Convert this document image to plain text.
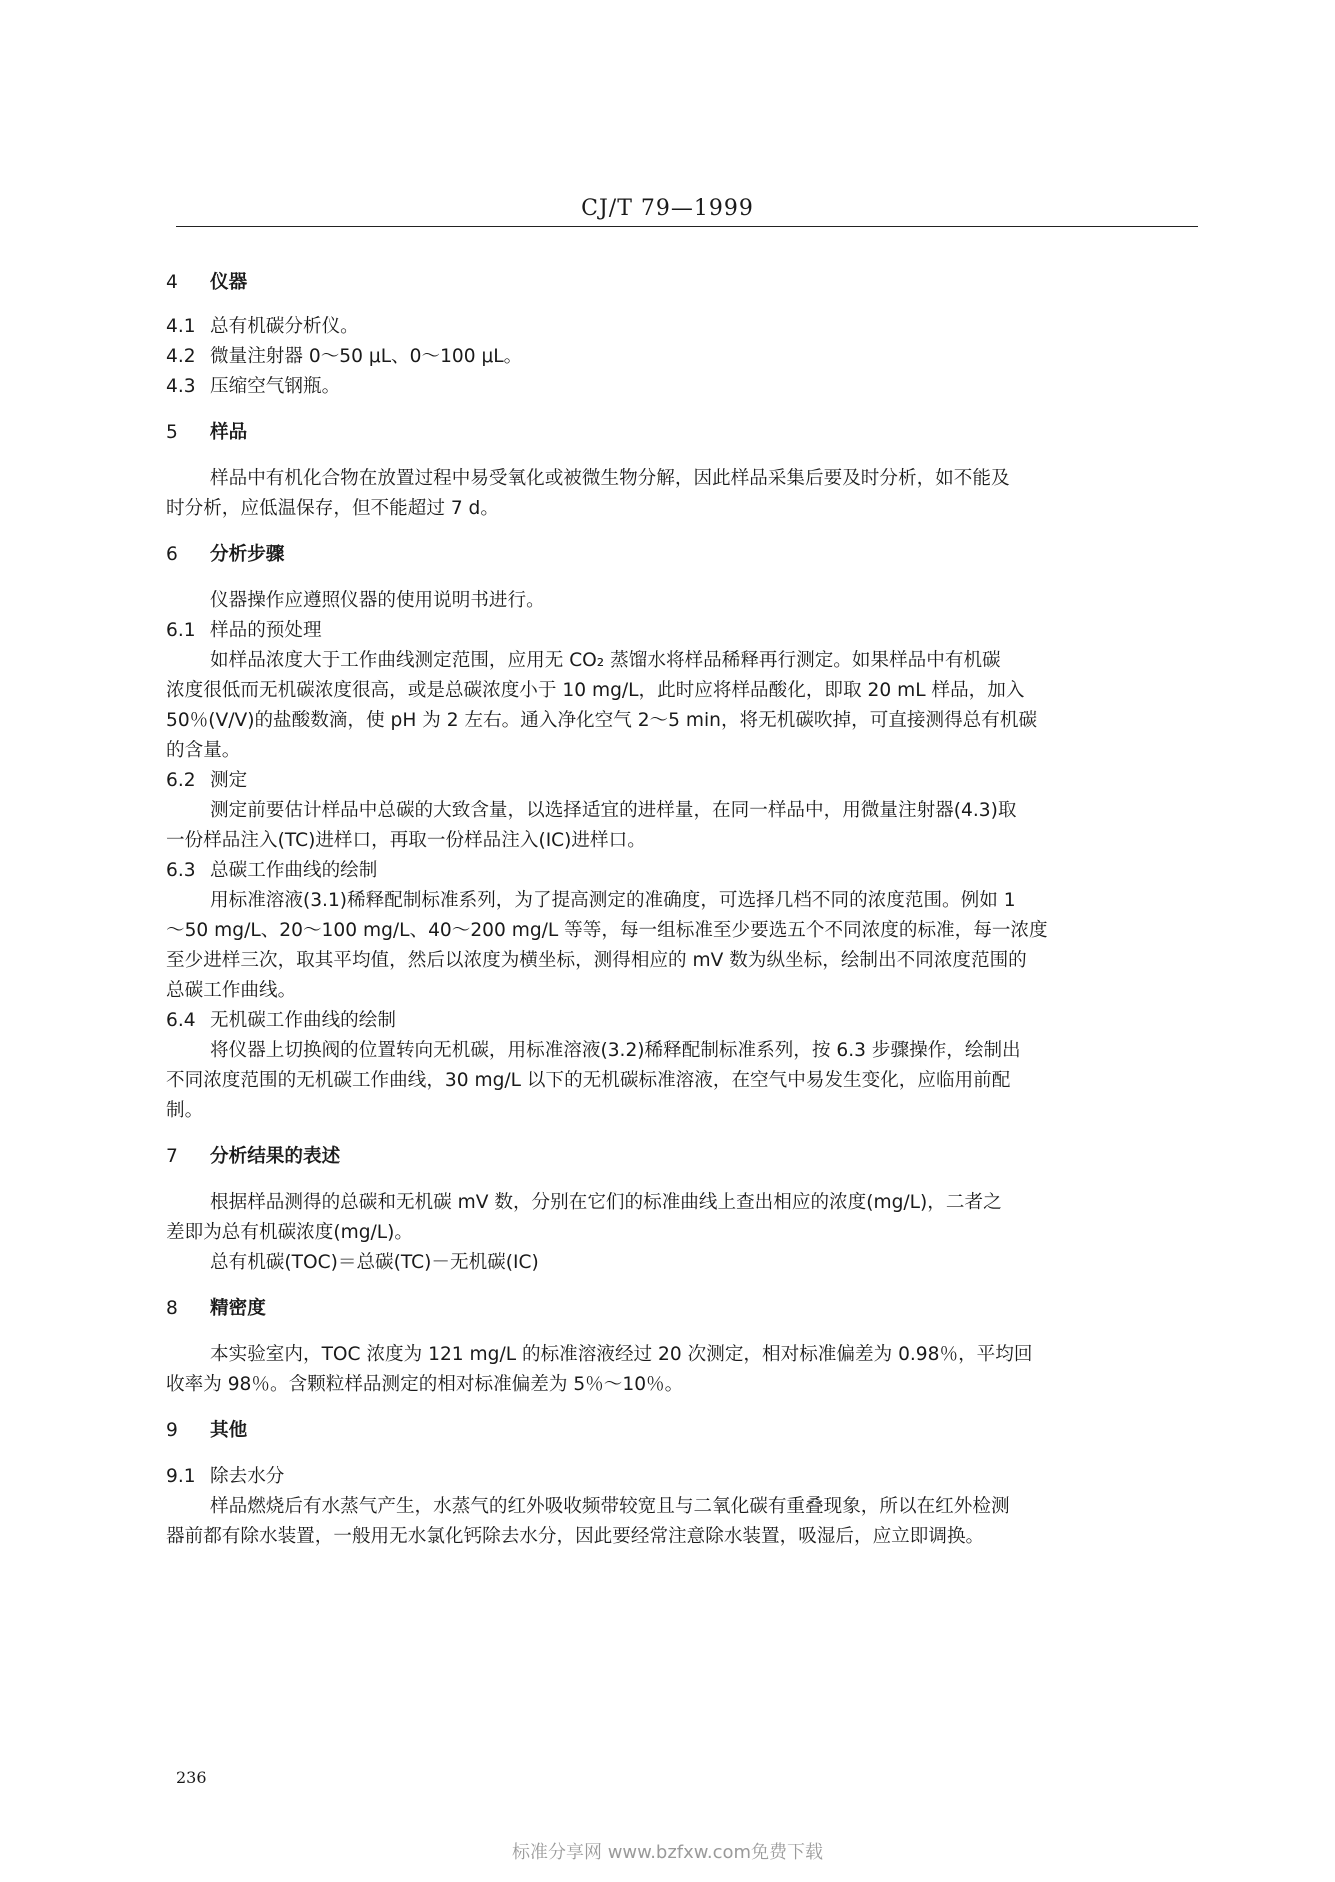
CJ/T 79—1999
4 仪器
4.1 总有机碳分析仪。
4.2 微量注射器 0～50 μL、0～100 μL。
4.3 压缩空气钢瓶。
5 样品
样品中有机化合物在放置过程中易受氧化或被微生物分解，因此样品采集后要及时分析，如不能及
时分析，应低温保存，但不能超过 7 d。
6 分析步骤
仪器操作应遵照仪器的使用说明书进行。
6.1 样品的预处理
如样品浓度大于工作曲线测定范围，应用无 CO₂ 蒸馏水将样品稀释再行测定。如果样品中有机碳
浓度很低而无机碳浓度很高，或是总碳浓度小于 10 mg/L，此时应将样品酸化，即取 20 mL 样品，加入
50％(V/V)的盐酸数滴，使 pH 为 2 左右。通入净化空气 2～5 min，将无机碳吹掉，可直接测得总有机碳
的含量。
6.2 测定
测定前要估计样品中总碳的大致含量，以选择适宜的进样量，在同一样品中，用微量注射器(4.3)取
一份样品注入(TC)进样口，再取一份样品注入(IC)进样口。
6.3 总碳工作曲线的绘制
用标准溶液(3.1)稀释配制标准系列，为了提高测定的准确度，可选择几档不同的浓度范围。例如 1
～50 mg/L、20～100 mg/L、40～200 mg/L 等等，每一组标准至少要选五个不同浓度的标准，每一浓度
至少进样三次，取其平均值，然后以浓度为横坐标，测得相应的 mV 数为纵坐标，绘制出不同浓度范围的
总碳工作曲线。
6.4 无机碳工作曲线的绘制
将仪器上切换阀的位置转向无机碳，用标准溶液(3.2)稀释配制标准系列，按 6.3 步骤操作，绘制出
不同浓度范围的无机碳工作曲线，30 mg/L 以下的无机碳标准溶液，在空气中易发生变化，应临用前配
制。
7 分析结果的表述
根据样品测得的总碳和无机碳 mV 数，分别在它们的标准曲线上查出相应的浓度(mg/L)，二者之
差即为总有机碳浓度(mg/L)。
总有机碳(TOC)＝总碳(TC)－无机碳(IC)
8 精密度
本实验室内，TOC 浓度为 121 mg/L 的标准溶液经过 20 次测定，相对标准偏差为 0.98％，平均回
收率为 98％。含颗粒样品测定的相对标准偏差为 5％～10％。
9 其他
9.1 除去水分
样品燃烧后有水蒸气产生，水蒸气的红外吸收频带较宽且与二氧化碳有重叠现象，所以在红外检测
器前都有除水装置，一般用无水氯化钙除去水分，因此要经常注意除水装置，吸湿后，应立即调换。
236
标准分享网 www.bzfxw.com免费下载
